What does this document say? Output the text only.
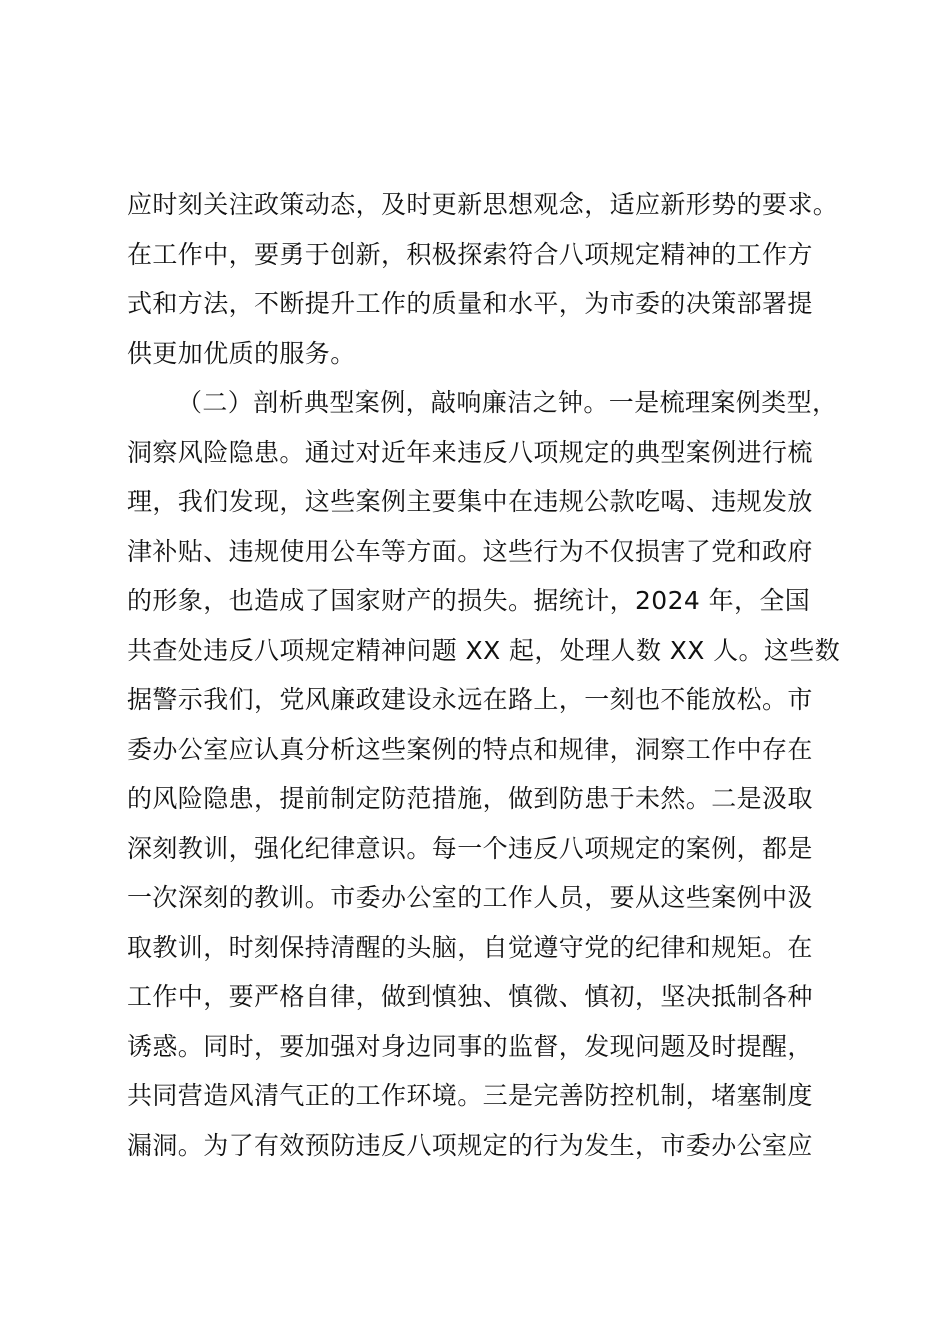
应时刻关注政策动态，及时更新思想观念，适应新形势的要求。
在工作中，要勇于创新，积极探索符合八项规定精神的工作方
式和方法，不断提升工作的质量和水平，为市委的决策部署提
供更加优质的服务。
（二）剖析典型案例，敲响廉洁之钟。一是梳理案例类型，
洞察风险隐患。通过对近年来违反八项规定的典型案例进行梳
理，我们发现，这些案例主要集中在违规公款吃喝、违规发放
津补贴、违规使用公车等方面。这些行为不仅损害了党和政府
的形象，也造成了国家财产的损失。据统计，2024 年，全国
共查处违反八项规定精神问题 XX 起，处理人数 XX 人。这些数
据警示我们，党风廉政建设永远在路上，一刻也不能放松。市
委办公室应认真分析这些案例的特点和规律，洞察工作中存在
的风险隐患，提前制定防范措施，做到防患于未然。二是汲取
深刻教训，强化纪律意识。每一个违反八项规定的案例，都是
一次深刻的教训。市委办公室的工作人员，要从这些案例中汲
取教训，时刻保持清醒的头脑，自觉遵守党的纪律和规矩。在
工作中，要严格自律，做到慎独、慎微、慎初，坚决抵制各种
诱惑。同时，要加强对身边同事的监督，发现问题及时提醒，
共同营造风清气正的工作环境。三是完善防控机制，堵塞制度
漏洞。为了有效预防违反八项规定的行为发生，市委办公室应
